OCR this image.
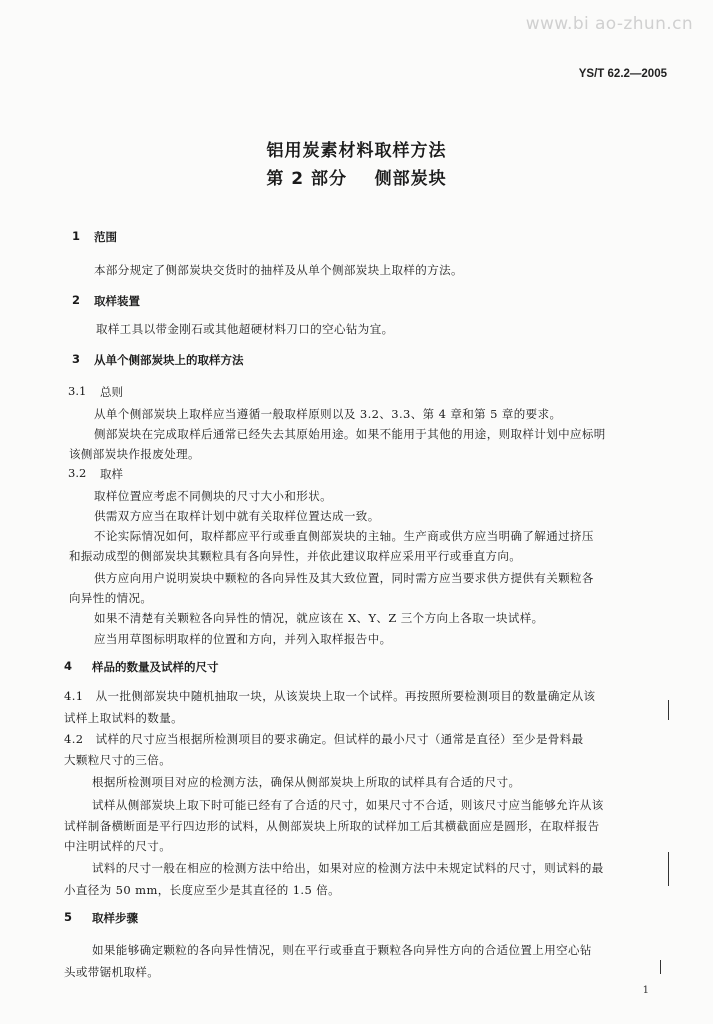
www.bi ao-zhun.cn
YS/T 62.2—2005
铝用炭素材料取样方法
第 2 部分    侧部炭块
1 范围
本部分规定了侧部炭块交货时的抽样及从单个侧部炭块上取样的方法。
2 取样装置
取样工具以带金刚石或其他超硬材料刀口的空心钻为宜。
3 从单个侧部炭块上的取样方法
3.1 总则
从单个侧部炭块上取样应当遵循一般取样原则以及 3.2、3.3、第 4 章和第 5 章的要求。
侧部炭块在完成取样后通常已经失去其原始用途。如果不能用于其他的用途，则取样计划中应标明
该侧部炭块作报废处理。
3.2 取样
取样位置应考虑不同侧块的尺寸大小和形状。
供需双方应当在取样计划中就有关取样位置达成一致。
不论实际情况如何，取样都应平行或垂直侧部炭块的主轴。生产商或供方应当明确了解通过挤压
和振动成型的侧部炭块其颗粒具有各向异性，并依此建议取样应采用平行或垂直方向。
供方应向用户说明炭块中颗粒的各向异性及其大致位置，同时需方应当要求供方提供有关颗粒各
向异性的情况。
如果不清楚有关颗粒各向异性的情况，就应该在 X、Y、Z 三个方向上各取一块试样。
应当用草图标明取样的位置和方向，并列入取样报告中。
4 样品的数量及试样的尺寸
4.1   从一批侧部炭块中随机抽取一块，从该炭块上取一个试样。再按照所要检测项目的数量确定从该
试样上取试料的数量。
4.2   试样的尺寸应当根据所检测项目的要求确定。但试样的最小尺寸（通常是直径）至少是骨料最
大颗粒尺寸的三倍。
根据所检测项目对应的检测方法，确保从侧部炭块上所取的试样具有合适的尺寸。
试样从侧部炭块上取下时可能已经有了合适的尺寸，如果尺寸不合适，则该尺寸应当能够允许从该
试样制备横断面是平行四边形的试料，从侧部炭块上所取的试样加工后其横截面应是圆形，在取样报告
中注明试样的尺寸。
试料的尺寸一般在相应的检测方法中给出，如果对应的检测方法中未规定试料的尺寸，则试料的最
小直径为 50 mm，长度应至少是其直径的 1.5 倍。
5 取样步骤
如果能够确定颗粒的各向异性情况，则在平行或垂直于颗粒各向异性方向的合适位置上用空心钻
头或带锯机取样。
1
